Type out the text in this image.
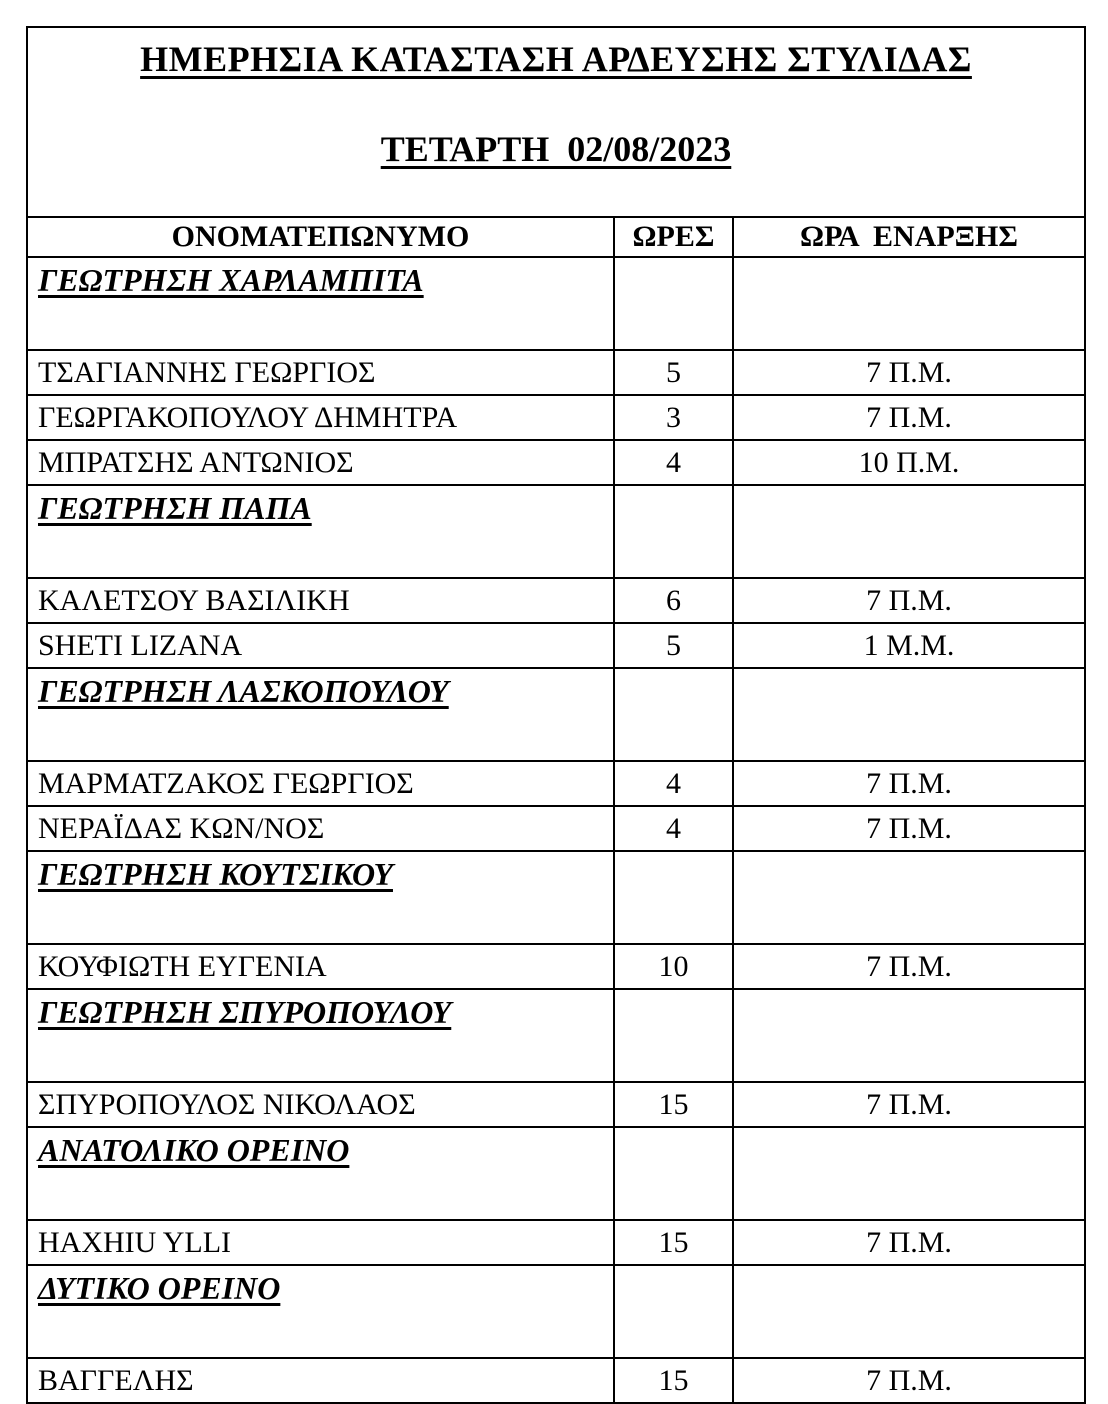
ΗΜΕΡΗΣΙΑ ΚΑΤΑΣΤΑΣΗ ΑΡΔΕΥΣΗΣ ΣΤΥΛΙΔΑΣ
ΤΕΤΑΡΤΗ  02/08/2023
ΟΝΟΜΑΤΕΠΩΝΥΜΟ	ΩΡΕΣ	ΩΡΑ  ΕΝΑΡΞΗΣ
ΓΕΩΤΡΗΣΗ ΧΑΡΛΑΜΠΙΤΑ		
ΤΣΑΓΙΑΝΝΗΣ ΓΕΩΡΓΙΟΣ	5	7 Π.Μ.
ΓΕΩΡΓΑΚΟΠΟΥΛΟΥ ΔΗΜΗΤΡΑ	3	7 Π.Μ.
ΜΠΡΑΤΣΗΣ ΑΝΤΩΝΙΟΣ	4	10 Π.Μ.
ΓΕΩΤΡΗΣΗ ΠΑΠΑ		
ΚΑΛΕΤΣΟΥ ΒΑΣΙΛΙΚΗ	6	7 Π.Μ.
SHETI LIZANA	5	1 Μ.Μ.
ΓΕΩΤΡΗΣΗ ΛΑΣΚΟΠΟΥΛΟΥ		
ΜΑΡΜΑΤΖΑΚΟΣ ΓΕΩΡΓΙΟΣ	4	7 Π.Μ.
ΝΕΡΑΪΔΑΣ ΚΩΝ/ΝΟΣ	4	7 Π.Μ.
ΓΕΩΤΡΗΣΗ ΚΟΥΤΣΙΚΟΥ		
ΚΟΥΦΙΩΤΗ ΕΥΓΕΝΙΑ	10	7 Π.Μ.
ΓΕΩΤΡΗΣΗ ΣΠΥΡΟΠΟΥΛΟΥ		
ΣΠΥΡΟΠΟΥΛΟΣ ΝΙΚΟΛΑΟΣ	15	7 Π.Μ.
ΑΝΑΤΟΛΙΚΟ ΟΡΕΙΝΟ		
HAXHIU YLLI	15	7 Π.Μ.
ΔΥΤΙΚΟ ΟΡΕΙΝΟ		
ΒΑΓΓΕΛΗΣ	15	7 Π.Μ.
